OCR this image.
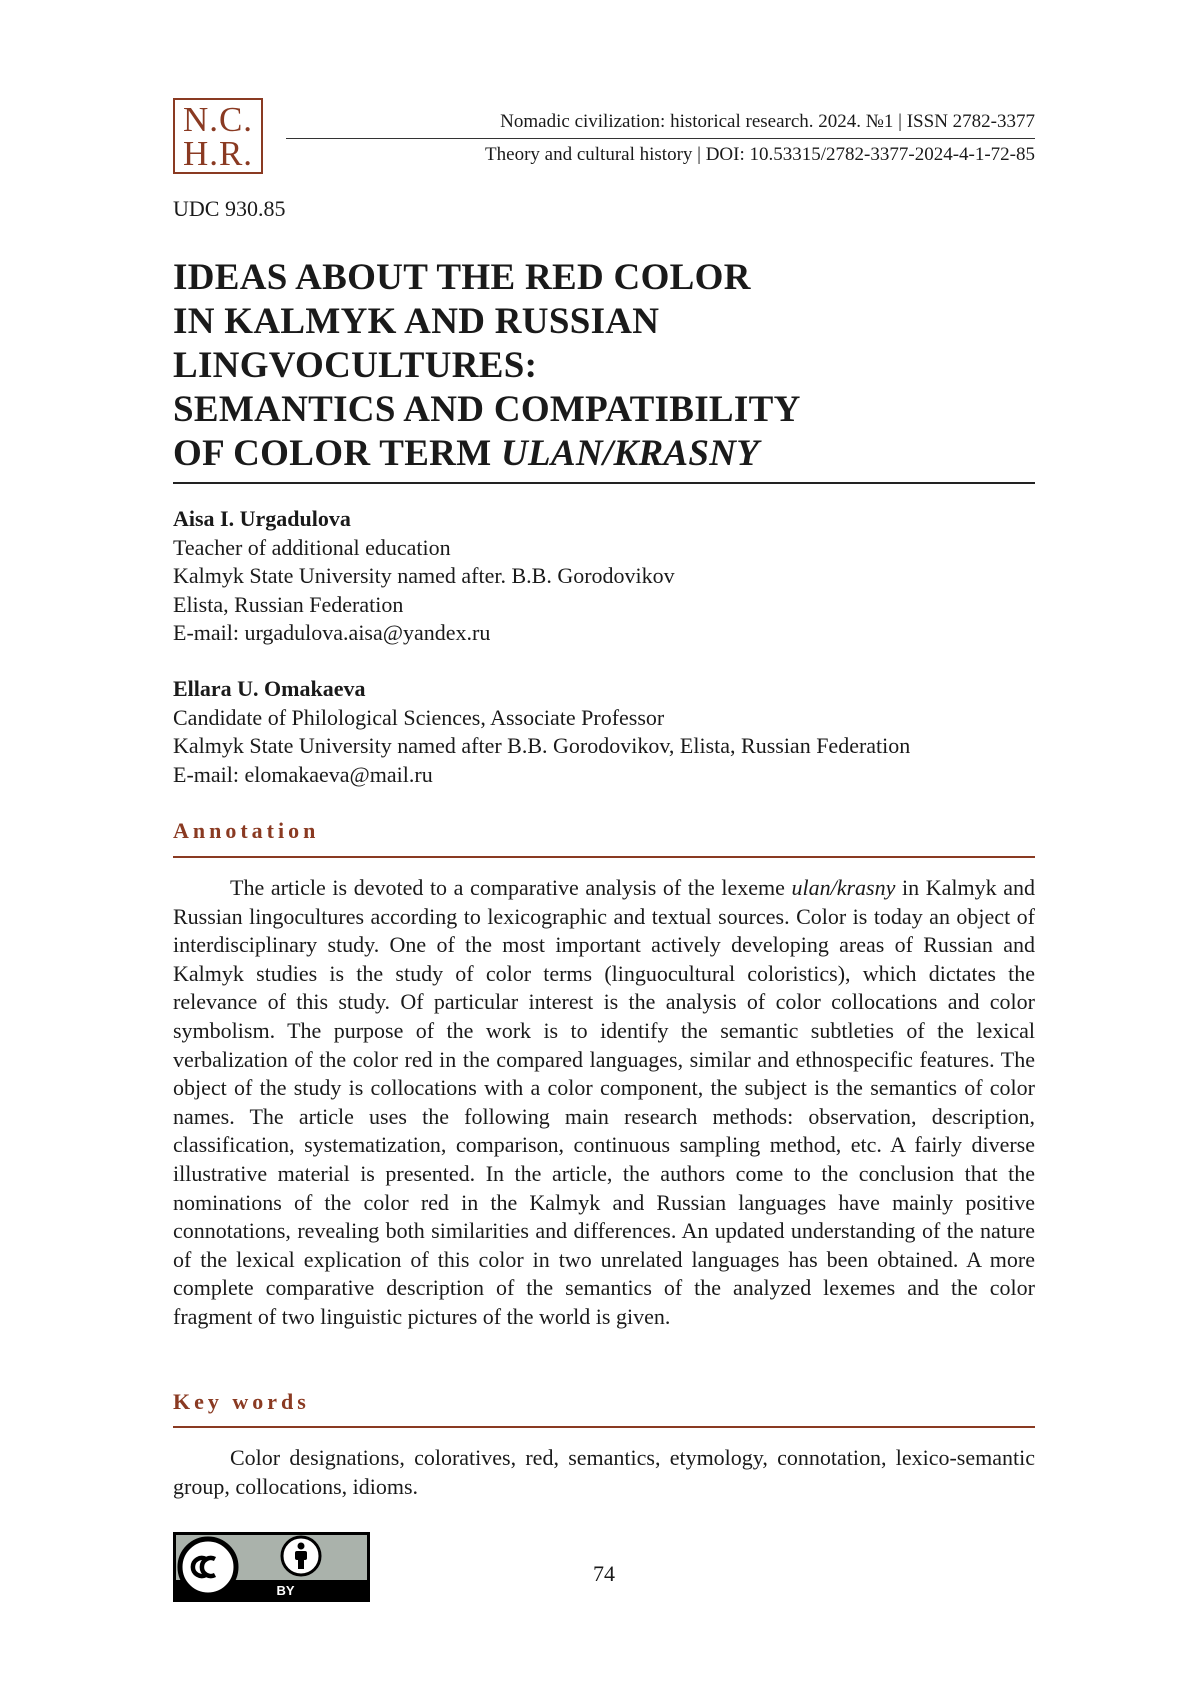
N.C.
H.R.
Nomadic civilization: historical research. 2024. №1 | ISSN 2782-3377
Theory and cultural history | DOI: 10.53315/2782-3377-2024-4-1-72-85
UDC 930.85
IDEAS ABOUT THE RED COLOR
IN KALMYK AND RUSSIAN
LINGVOCULTURES:
SEMANTICS AND COMPATIBILITY
OF COLOR TERM ULAN/KRASNY
Aisa I. Urgadulova
Teacher of additional education
Kalmyk State University named after. B.B. Gorodovikov
Elista, Russian Federation
E-mail: urgadulova.aisa@yandex.ru
Ellara U. Omakaeva
Candidate of Philological Sciences, Associate Professor
Kalmyk State University named after B.B. Gorodovikov, Elista, Russian Federation
E-mail: elomakaeva@mail.ru
Annotation

The article is devoted to a comparative analysis of the lexeme ulan/krasny in Kalmyk and Russian lingocultures according to lexicographic and textual sources. Color is today an object of interdisciplinary study. One of the most important actively developing areas of Russian and Kalmyk studies is the study of color terms (linguocultural coloristics), which dictates the relevance of this study. Of particular interest is the analysis of color collocations and color symbolism. The purpose of the work is to identify the semantic subtleties of the lexical verbalization of the color red in the compared languages, similar and ethnospecific features. The object of the study is collocations with a color component, the subject is the semantics of color names. The article uses the following main research methods: observation, description, classification, systematization, comparison, continuous sampling method, etc. A fairly diverse illustrative material is presented. In the article, the authors come to the conclusion that the nominations of the color red in the Kalmyk and Russian languages have mainly positive connotations, revealing both similarities and differences. An updated understanding of the nature of the lexical explication of this color in two unrelated languages has been obtained. A more complete comparative description of the semantics of the analyzed lexemes and the color fragment of two linguistic pictures of the world is given.

Key words

Color designations, coloratives, red, semantics, etymology, connotation, lexico-semantic group, collocations, idioms.

BY
74
